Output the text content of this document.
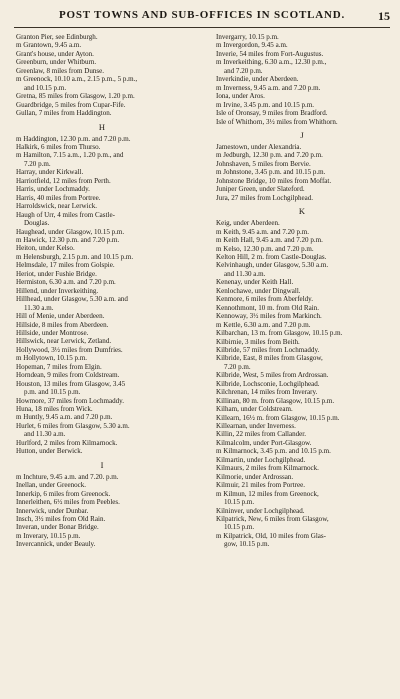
POST TOWNS AND SUB-OFFICES IN SCOTLAND.	15
Granton Pier, see Edinburgh.
m Grantown, 9.45 a.m.
Grant's house, under Ayton.
Greenburn, under Whitburn.
Greenlaw, 8 miles from Dunse.
m Greenock, 10.10 a.m., 2.15 p.m., 5 p.m.,
and 10.15 p.m.
Gretna, 85 miles from Glasgow, 1.20 p.m.
Guardbridge, 5 miles from Cupar-Fife.
Gullan, 7 miles from Haddington.
H
m Haddington, 12.30 p.m. and 7.20 p.m.
Halkirk, 6 miles from Thurso.
m Hamilton, 7.15 a.m., 1.20 p.m., and
7.20 p.m.
Harray, under Kirkwall.
Harriotfield, 12 miles from Perth.
Harris, under Lochmaddy.
Harris, 40 miles from Portree.
Harroldswick, near Lerwick.
Haugh of Urr, 4 miles from Castle-
Douglas.
Haughead, under Glasgow, 10.15 p.m.
m Hawick, 12.30 p.m. and 7.20 p.m.
Heiton, under Kelso.
m Helensburgh, 2.15 p.m. and 10.15 p.m.
Helmsdale, 17 miles from Golspie.
Heriot, under Fushie Bridge.
Hermiston, 6.30 a.m. and 7.20 p.m.
Hillend, under Inverkeithing.
Hillhead, under Glasgow, 5.30 a.m. and
11.30 a.m.
Hill of Menie, under Aberdeen.
Hillside, 8 miles from Aberdeen.
Hillside, under Montrose.
Hillswick, near Lerwick, Zetland.
Hollywood, 3½ miles from Dumfries.
m Hollytown, 10.15 p.m.
Hopeman, 7 miles from Elgin.
Horndean, 9 miles from Coldstream.
Houston, 13 miles from Glasgow, 3.45
p.m. and 10.15 p.m.
Howmore, 37 miles from Lochmaddy.
Huna, 18 miles from Wick.
m Huntly, 9.45 a.m. and 7.20 p.m.
Hurlet, 6 miles from Glasgow, 5.30 a.m.
and 11.30 a.m.
Hurlford, 2 miles from Kilmarnock.
Hutton, under Berwick.
I
m Inchture, 9.45 a.m. and 7.20. p.m.
Inellan, under Greenock.
Innerkip, 6 miles from Greenock.
Innerleithen, 6½ miles from Peebles.
Innerwick, under Dunbar.
Insch, 3½ miles from Old Rain.
Inveran, under Bonar Bridge.
m Inverary, 10.15 p.m.
Invercannick, under Beauly.
Invergarry, 10.15 p.m.
m Invergordon, 9.45 a.m.
Inverie, 54 miles from Fort-Augustus.
m Inverkeithing, 6.30 a.m., 12.30 p.m.,
and 7.20 p.m.
Inverkindie, under Aberdeen.
m Inverness, 9.45 a.m. and 7.20 p.m.
Iona, under Aros.
m Irvine, 3.45 p.m. and 10.15 p.m.
Isle of Oronsay, 9 miles from Bradford.
Isle of Whithorn, 3½ miles from Whithorn.
J
Jamestown, under Alexandria.
m Jedburgh, 12.30 p.m. and 7.20 p.m.
Johnshaven, 5 miles from Bervie.
m Johnstone, 3.45 p.m. and 10.15 p.m.
Johnstone Bridge, 10 miles from Moffat.
Juniper Green, under Slateford.
Jura, 27 miles from Lochgilphead.
K
Keig, under Aberdeen.
m Keith, 9.45 a.m. and 7.20 p.m.
m Keith Hall, 9.45 a.m. and 7.20 p.m.
m Kelso, 12.30 p.m. and 7.20 p.m.
Kelton Hill, 2 m. from Castle-Douglas.
Kelvinhaugh, under Glasgow, 5.30 a.m.
and 11.30 a.m.
Kenenay, under Keith Hall.
Kenlochawe, under Dingwall.
Kenmore, 6 miles from Aberfeldy.
Kennothmont, 10 m. from Old Rain.
Kennoway, 3½ miles from Markinch.
m Kettle, 6.30 a.m. and 7.20 p.m.
Kilbarchan, 13 m. from Glasgow, 10.15 p.m.
Kilbirnie, 3 miles from Beith.
Kilbride, 57 miles from Lochmaddy.
Kilbride, East, 8 miles from Glasgow,
7.20 p.m.
Kilbride, West, 5 miles from Ardrossan.
Kilbride, Lochsconie, Lochgilphead.
Kilchrenan, 14 miles from Inverary.
Killinan, 80 m. from Glasgow, 10.15 p.m.
Kilham, under Coldstream.
Killearn, 16½ m. from Glasgow, 10.15 p.m.
Killearnan, under Inverness.
Killin, 22 miles from Callander.
Kilmalcolm, under Port-Glasgow.
m Kilmarnock, 3.45 p.m. and 10.15 p.m.
Kilmartin, under Lochgilphead.
Kilmaurs, 2 miles from Kilmarnock.
Kilmorie, under Ardrossan.
Kilmuir, 21 miles from Portree.
m Kilmun, 12 miles from Greenock,
10.15 p.m.
Kilninver, under Lochgilphead.
Kilpatrick, New, 6 miles from Glasgow,
10.15 p.m.
m Kilpatrick, Old, 10 miles from Glas-
gow, 10.15 p.m.
